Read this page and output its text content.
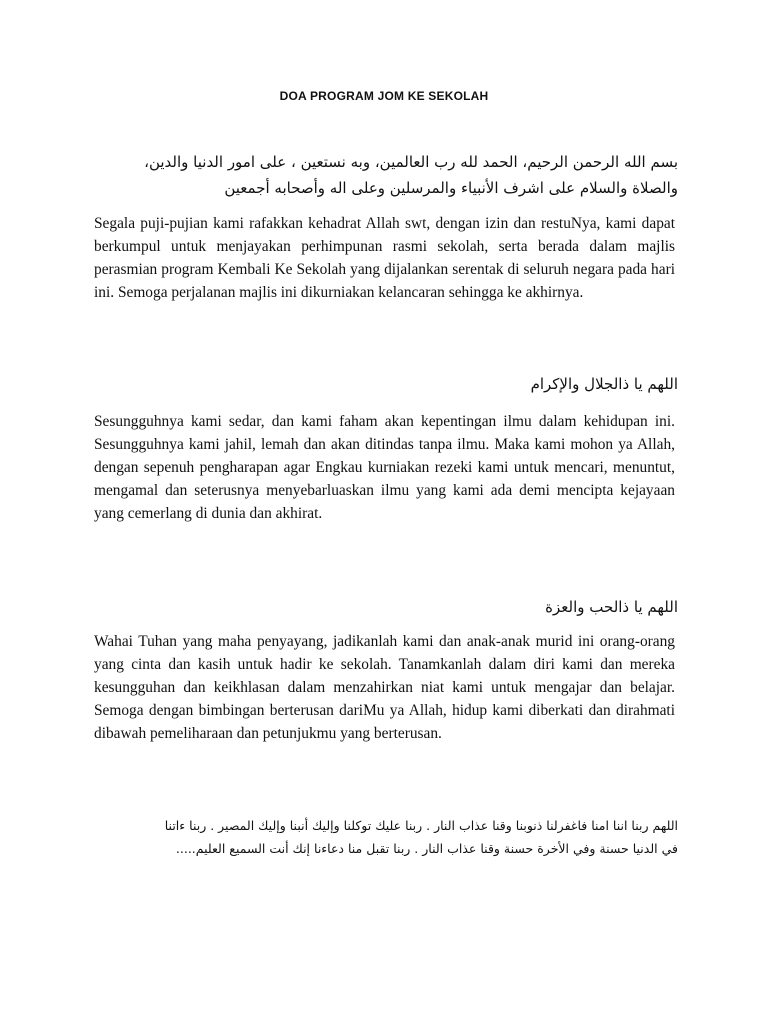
DOA PROGRAM JOM KE SEKOLAH
بسم الله الرحمن الرحيم، الحمد لله رب العالمين، وبه نستعين ، على امور الدنيا والدين،
والصلاة والسلام على اشرف الأنبياء والمرسلين وعلى اله وأصحابه أجمعين

Segala puji-pujian kami rafakkan kehadrat Allah swt, dengan izin dan restuNya, kami dapat berkumpul untuk menjayakan perhimpunan rasmi sekolah, serta berada dalam majlis perasmian program Kembali Ke Sekolah yang dijalankan serentak di seluruh negara pada hari ini. Semoga perjalanan majlis ini dikurniakan kelancaran sehingga ke akhirnya.

اللهم يا ذالجلال والإكرام

Sesungguhnya kami sedar, dan kami faham akan kepentingan ilmu dalam kehidupan ini. Sesungguhnya kami jahil, lemah dan akan ditindas tanpa ilmu. Maka kami mohon ya Allah, dengan sepenuh pengharapan agar Engkau kurniakan rezeki kami untuk mencari, menuntut, mengamal dan seterusnya menyebarluaskan ilmu yang kami ada demi mencipta kejayaan yang cemerlang di dunia dan akhirat.

اللهم يا ذالحب والعزة

Wahai Tuhan yang maha penyayang, jadikanlah kami dan anak-anak murid ini orang-orang yang cinta dan kasih untuk hadir ke sekolah. Tanamkanlah dalam diri kami dan mereka kesungguhan dan keikhlasan dalam menzahirkan niat kami untuk mengajar dan belajar. Semoga dengan bimbingan berterusan dariMu ya Allah, hidup kami diberkati dan dirahmati dibawah pemeliharaan dan petunjukmu yang berterusan.

اللهم ربنا اننا امنا فاغفرلنا ذنوبنا وقنا عذاب النار . ربنا عليك توكلنا وإليك أنبنا وإليك المصير . ربنا ءاتنا
في الدنيا حسنة وفي الأخرة حسنة وقنا عذاب النار . ربنا تقبل منا دعاءنا إنك أنت السميع العليم.....
